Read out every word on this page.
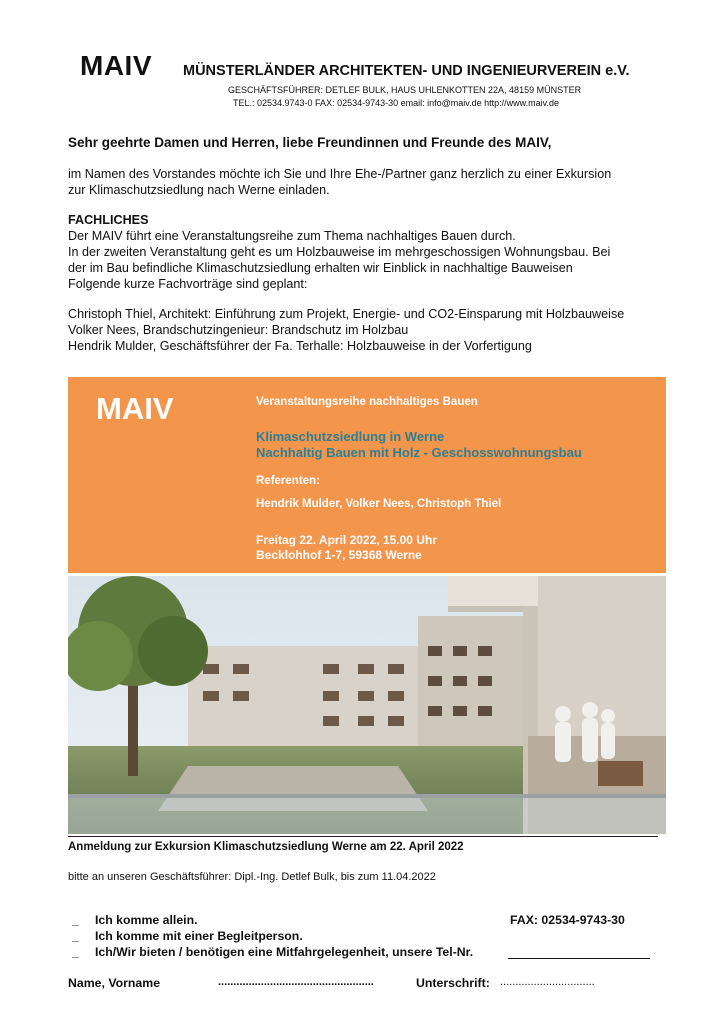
MAIV MÜNSTERLÄNDER ARCHITEKTEN- UND INGENIEURVEREIN e.V.
GESCHÄFTSFÜHRER: DETLEF BULK, HAUS UHLENKOTTEN 22A, 48159 MÜNSTER
TEL.: 02534.9743-0 FAX: 02534-9743-30 email: info@maiv.de http://www.maiv.de
Sehr geehrte Damen und Herren, liebe Freundinnen und Freunde des MAIV,
im Namen des Vorstandes möchte ich Sie und Ihre Ehe-/Partner ganz herzlich zu einer Exkursion
zur Klimaschutzsiedlung nach Werne einladen.
FACHLICHES
Der MAIV führt eine Veranstaltungsreihe zum Thema nachhaltiges Bauen durch.
In der zweiten Veranstaltung geht es um Holzbauweise im mehrgeschossigen Wohnungsbau. Bei
der im Bau befindliche Klimaschutzsiedlung erhalten wir Einblick in nachhaltige Bauweisen
Folgende kurze Fachvorträge sind geplant:
Christoph Thiel, Architekt: Einführung zum Projekt, Energie- und CO2-Einsparung mit Holzbauweise
Volker Nees, Brandschutzingenieur: Brandschutz im Holzbau
Hendrik Mulder, Geschäftsführer der Fa. Terhalle: Holzbauweise in der Vorfertigung
MAIV	Veranstaltungsreihe nachhaltiges Bauen
Klimaschutzsiedlung in Werne
Nachhaltig Bauen mit Holz - Geschosswohnungsbau
Referenten:
Hendrik Mulder, Volker Nees, Christoph Thiel
Freitag 22. April 2022, 15.00 Uhr
Becklohhof 1-7, 59368 Werne
Anmeldung zur Exkursion Klimaschutzsiedlung Werne am 22. April 2022
bitte an unseren Geschäftsführer: Dipl.-Ing. Detlef Bulk, bis zum 11.04.2022
_ Ich komme allein.	FAX: 02534-9743-30
_ Ich komme mit einer Begleitperson.
_ Ich/Wir bieten / benötigen eine Mitfahrgelegenheit, unsere Tel-Nr.
Name, Vorname	...................................................	Unterschrift: ...............................
